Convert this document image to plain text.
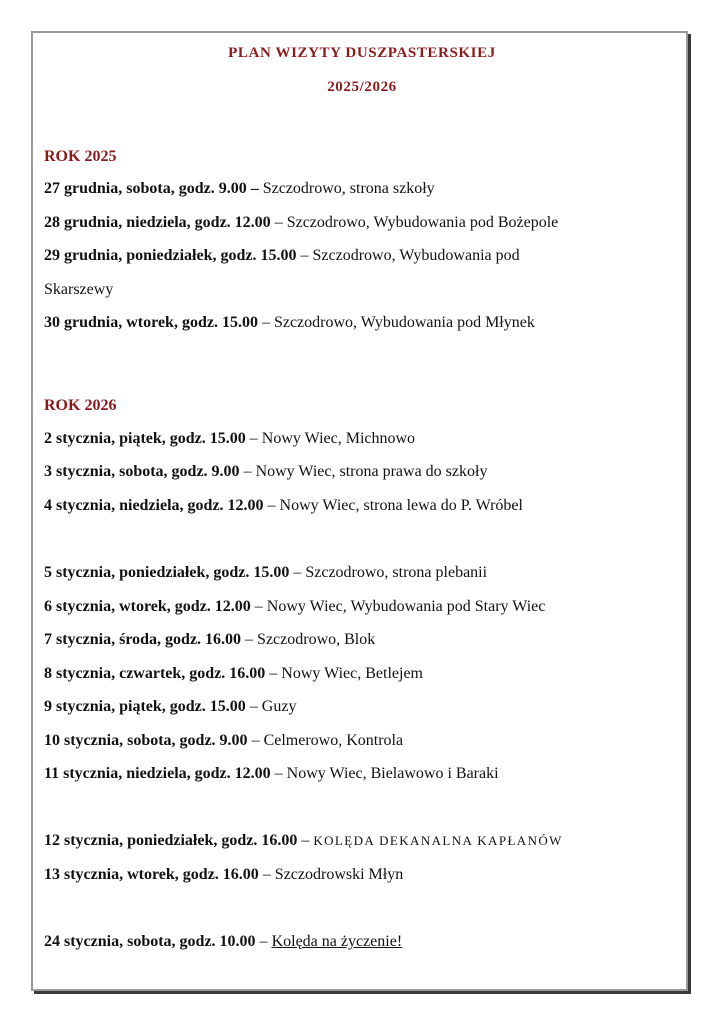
PLAN WIZYTY DUSZPASTERSKIEJ
2025/2026
ROK 2025
27 grudnia, sobota, godz. 9.00 – Szczodrowo, strona szkoły
28 grudnia, niedziela, godz. 12.00 – Szczodrowo, Wybudowania pod Bożepole
29 grudnia, poniedziałek, godz. 15.00 – Szczodrowo, Wybudowania pod
Skarszewy
30 grudnia, wtorek, godz. 15.00 – Szczodrowo, Wybudowania pod Młynek
ROK 2026
2 stycznia, piątek, godz. 15.00 – Nowy Wiec, Michnowo
3 stycznia, sobota, godz. 9.00 – Nowy Wiec, strona prawa do szkoły
4 stycznia, niedziela, godz. 12.00 – Nowy Wiec, strona lewa do P. Wróbel
5 stycznia, poniedziałek, godz. 15.00 – Szczodrowo, strona plebanii
6 stycznia, wtorek, godz. 12.00 – Nowy Wiec, Wybudowania pod Stary Wiec
7 stycznia, środa, godz. 16.00 – Szczodrowo, Blok
8 stycznia, czwartek, godz. 16.00 – Nowy Wiec, Betlejem
9 stycznia, piątek, godz. 15.00 – Guzy
10 stycznia, sobota, godz. 9.00 – Celmerowo, Kontrola
11 stycznia, niedziela, godz. 12.00 – Nowy Wiec, Bielawowo i Baraki
12 stycznia, poniedziałek, godz. 16.00 – KOLĘDA DEKANALNA KAPŁANÓW
13 stycznia, wtorek, godz. 16.00 – Szczodrowski Młyn
24 stycznia, sobota, godz. 10.00 – Kolęda na życzenie!
